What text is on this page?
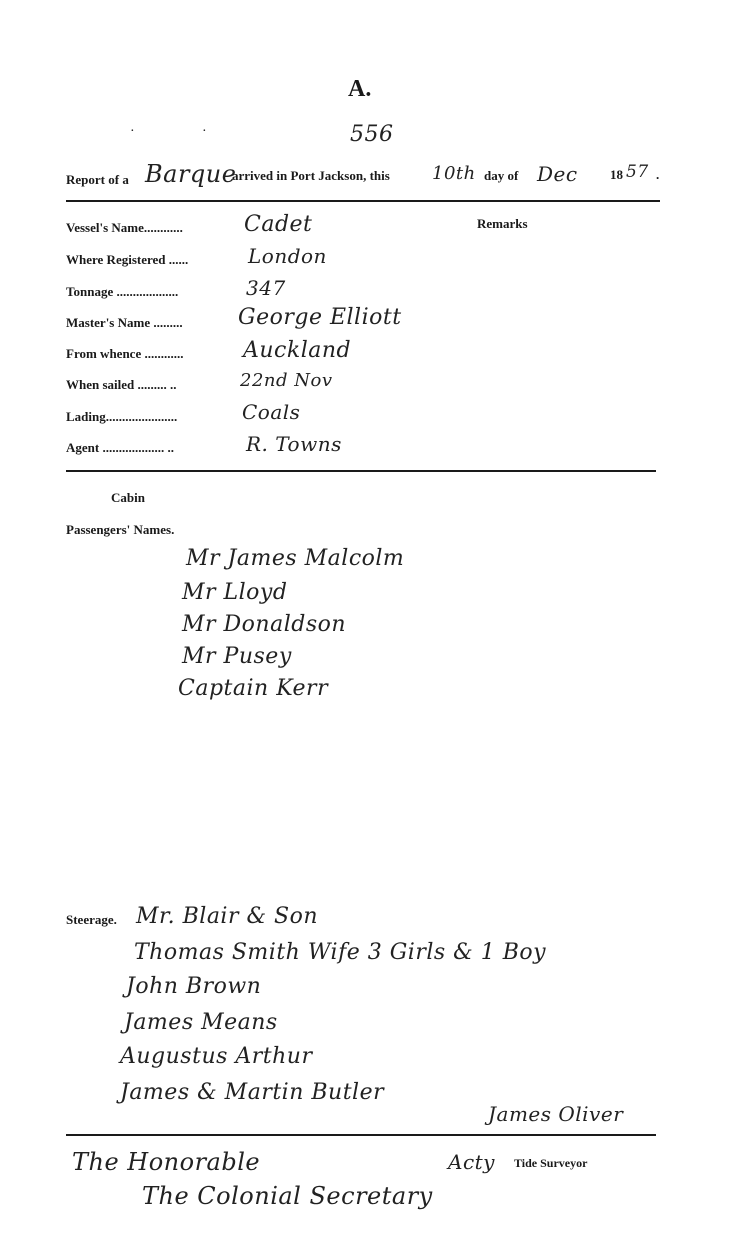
A.
·	·	556
Report of a Barque
arrived in Port Jackson, this 10th day of Dec 18 57 .
Remarks
Vessel's Name............	Cadet
Where Registered ......	London
Tonnage ...................	347
Master's Name .........	George Elliott
From whence ............	Auckland
When sailed ......... ..	22nd Nov
Lading......................	Coals
Agent ................... ..	R. Towns
Cabin
Passengers' Names.
Mr James Malcolm
Mr Lloyd
Mr Donaldson
Mr Pusey
Captain Kerr
Steerage. Mr. Blair & Son
Thomas Smith Wife 3 Girls & 1 Boy
John Brown
James Means
Augustus Arthur
James & Martin Butler
James Oliver
The Honorable	Acty Tide Surveyor
The Colonial Secretary
